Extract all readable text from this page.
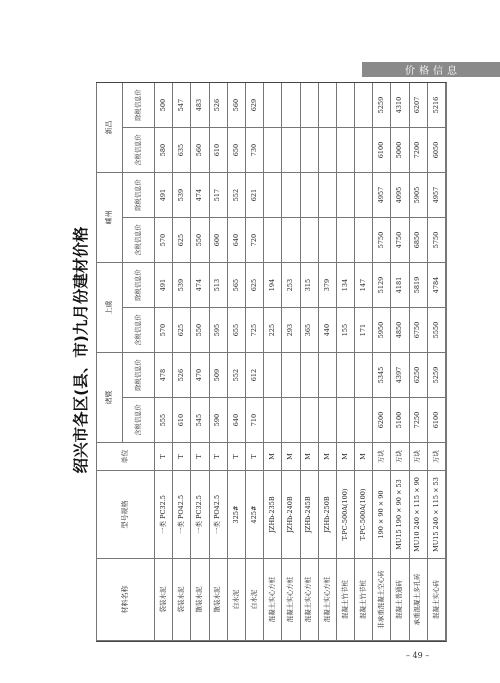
价格信息
绍兴市各区(县、市)九月份建材价格
材料名称	型号规格	单位	诸暨		上虞		嵊州		新昌	
			含税信息价	除税信息价	含税信息价	除税信息价	含税信息价	除税信息价	含税信息价	除税信息价
袋装水泥	一类 PC32.5	T	555	478	570	491	570	491	580	500
袋装水泥	一类 PO42.5	T	610	526	625	539	625	539	635	547
散装水泥	一类 PC32.5	T	545	470	550	474	550	474	560	483
散装水泥	一类 PO42.5	T	590	509	595	513	600	517	610	526
白水泥	325#	T	640	552	655	565	640	552	650	560
白水泥	425#	T	710	612	725	625	720	621	730	629
混凝土实心方桩	JZHb-235B	M			225	194				
混凝土实心方桩	JZHb-240B	M			293	253				
混凝土实心方桩	JZHb-245B	M			365	315				
混凝土实心方桩	JZHb-250B	M			440	379				
混凝土竹节桩	T-PC-500A(100)	M			155	134				
混凝土竹节桩	T-PC-500A(100)	M			171	147				
非承重混凝土空心砖	190 × 90 × 90	万块	6200	5345	5950	5129	5750	4957	6100	5259
混凝土普通砖	MU15 190 × 90 × 53	万块	5100	4397	4850	4181	4750	4095	5000	4310
承重混凝土多孔砖	MU10 240 × 115 × 90	万块	7250	6250	6750	5819	6850	5905	7200	6207
混凝土实心砖	MU15 240 × 115 × 53	万块	6100	5259	5550	4784	5750	4957	6050	5216
– 49 –
